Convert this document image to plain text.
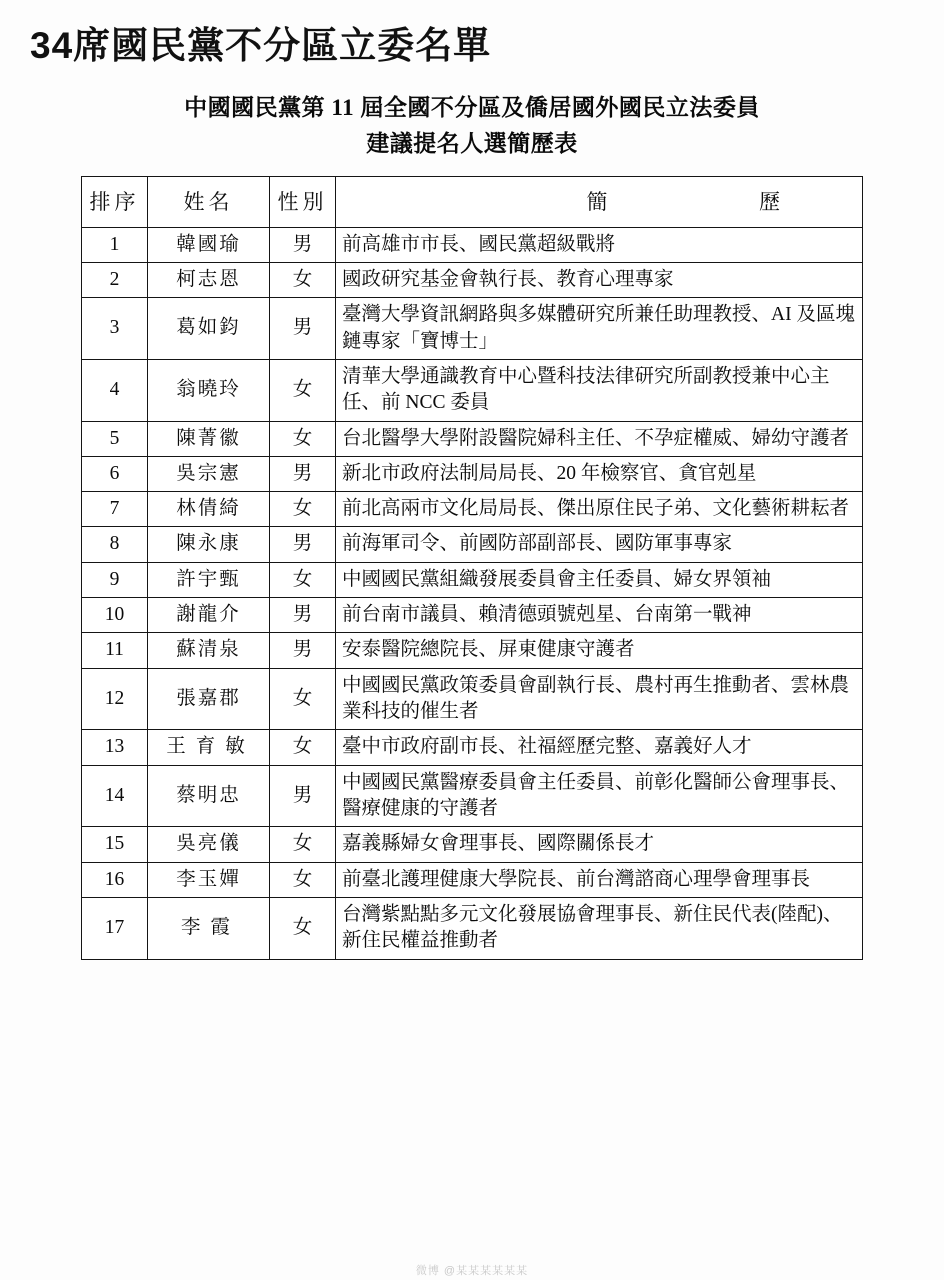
34席國民黨不分區立委名單
中國國民黨第 11 屆全國不分區及僑居國外國民立法委員
建議提名人選簡歷表
排序	姓名	性別	簡 歷

1	韓國瑜	男	前高雄市市長、國民黨超級戰將
2	柯志恩	女	國政研究基金會執行長、教育心理專家
3	葛如鈞	男	臺灣大學資訊網路與多媒體研究所兼任助理教授、AI 及區塊鏈專家「寶博士」
4	翁曉玲	女	清華大學通識教育中心暨科技法律研究所副教授兼中心主任、前 NCC 委員
5	陳菁徽	女	台北醫學大學附設醫院婦科主任、不孕症權威、婦幼守護者
6	吳宗憲	男	新北市政府法制局局長、20 年檢察官、貪官剋星
7	林倩綺	女	前北高兩市文化局局長、傑出原住民子弟、文化藝術耕耘者
8	陳永康	男	前海軍司令、前國防部副部長、國防軍事專家
9	許宇甄	女	中國國民黨組織發展委員會主任委員、婦女界領袖
10	謝龍介	男	前台南市議員、賴清德頭號剋星、台南第一戰神
11	蘇清泉	男	安泰醫院總院長、屏東健康守護者
12	張嘉郡	女	中國國民黨政策委員會副執行長、農村再生推動者、雲林農業科技的催生者
13	王育敏	女	臺中市政府副市長、社福經歷完整、嘉義好人才
14	蔡明忠	男	中國國民黨醫療委員會主任委員、前彰化醫師公會理事長、醫療健康的守護者
15	吳亮儀	女	嘉義縣婦女會理事長、國際關係長才
16	李玉嬋	女	前臺北護理健康大學院長、前台灣諮商心理學會理事長
17	李霞	女	台灣紫點點多元文化發展協會理事長、新住民代表(陸配)、新住民權益推動者
微博 @某某某某某某
